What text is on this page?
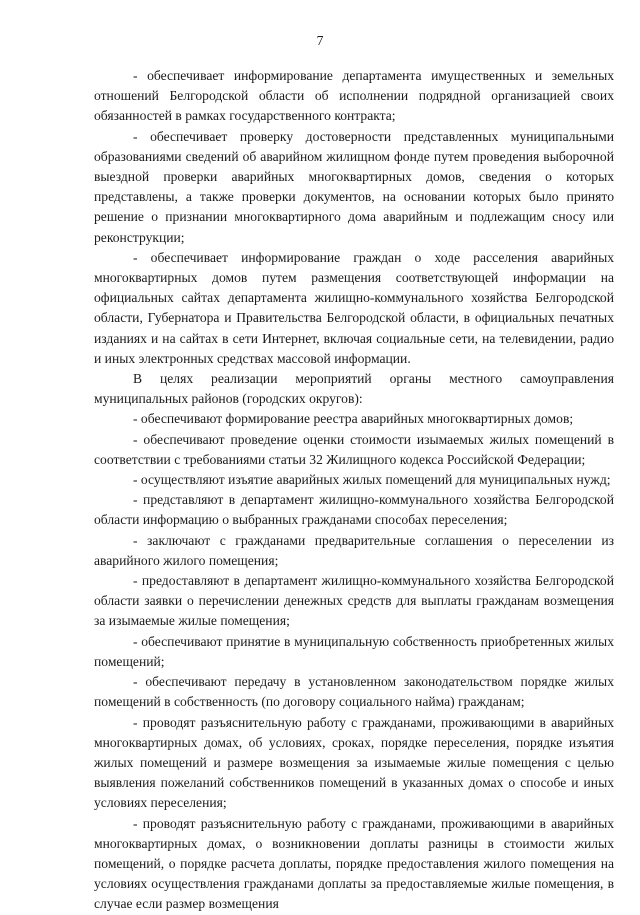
7

- обеспечивает информирование департамента имущественных и земельных отношений Белгородской области об исполнении подрядной организацией своих обязанностей в рамках государственного контракта;

- обеспечивает проверку достоверности представленных муниципальными образованиями сведений об аварийном жилищном фонде путем проведения выборочной выездной проверки аварийных многоквартирных домов, сведения о которых представлены, а также проверки документов, на основании которых было принято решение о признании многоквартирного дома аварийным и подлежащим сносу или реконструкции;

- обеспечивает информирование граждан о ходе расселения аварийных многоквартирных домов путем размещения соответствующей информации на официальных сайтах департамента жилищно-коммунального хозяйства Белгородской области, Губернатора и Правительства Белгородской области, в официальных печатных изданиях и на сайтах в сети Интернет, включая социальные сети, на телевидении, радио и иных электронных средствах массовой информации.

В целях реализации мероприятий органы местного самоуправления муниципальных районов (городских округов):

- обеспечивают формирование реестра аварийных многоквартирных домов;

- обеспечивают проведение оценки стоимости изымаемых жилых помещений в соответствии с требованиями статьи 32 Жилищного кодекса Российской Федерации;

- осуществляют изъятие аварийных жилых помещений для муниципальных нужд;

- представляют в департамент жилищно-коммунального хозяйства Белгородской области информацию о выбранных гражданами способах переселения;

- заключают с гражданами предварительные соглашения о переселении из аварийного жилого помещения;

- предоставляют в департамент жилищно-коммунального хозяйства Белгородской области заявки о перечислении денежных средств для выплаты гражданам возмещения за изымаемые жилые помещения;

- обеспечивают принятие в муниципальную собственность приобретенных жилых помещений;

- обеспечивают передачу в установленном законодательством порядке жилых помещений в собственность (по договору социального найма) гражданам;

- проводят разъяснительную работу с гражданами, проживающими в аварийных многоквартирных домах, об условиях, сроках, порядке переселения, порядке изъятия жилых помещений и размере возмещения за изымаемые жилые помещения с целью выявления пожеланий собственников помещений в указанных домах о способе и иных условиях переселения;

- проводят разъяснительную работу с гражданами, проживающими в аварийных многоквартирных домах, о возникновении доплаты разницы в стоимости жилых помещений, о порядке расчета доплаты, порядке предоставления жилого помещения на условиях осуществления гражданами доплаты за предоставляемые жилые помещения, в случае если размер возмещения
